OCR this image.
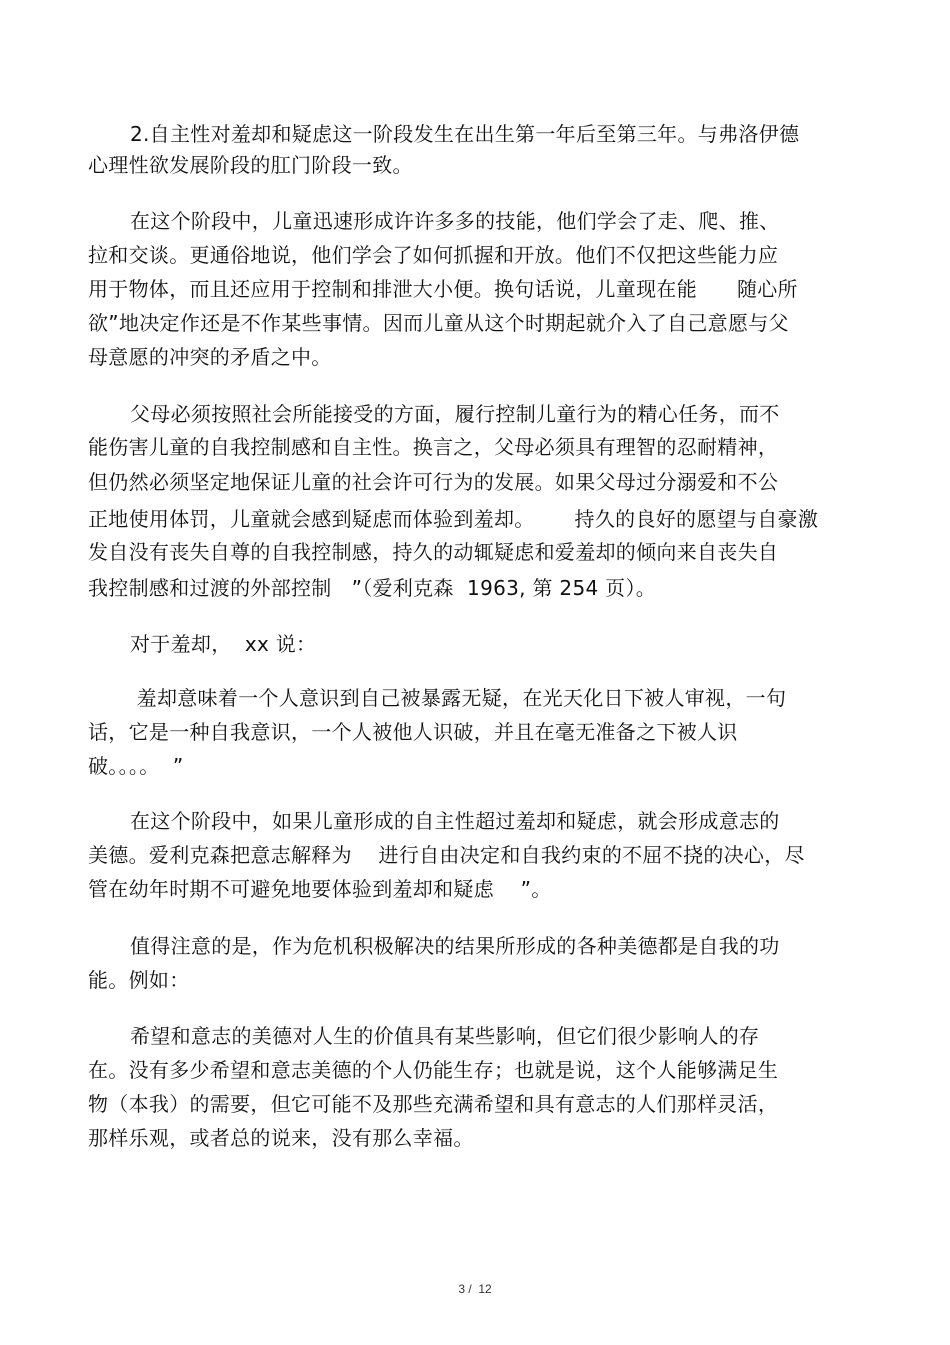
2.自主性对羞却和疑虑这一阶段发生在出生第一年后至第三年。与弗洛伊德
心理性欲发展阶段的肛门阶段一致。
在这个阶段中，儿童迅速形成许许多多的技能，他们学会了走、爬、推、
拉和交谈。更通俗地说，他们学会了如何抓握和开放。他们不仅把这些能力应
用于物体，而且还应用于控制和排泄大小便。换句话说，儿童现在能      随心所
欲”地决定作还是不作某些事情。因而儿童从这个时期起就介入了自己意愿与父
母意愿的冲突的矛盾之中。
父母必须按照社会所能接受的方面，履行控制儿童行为的精心任务，而不
能伤害儿童的自我控制感和自主性。换言之，父母必须具有理智的忍耐精神，
但仍然必须坚定地保证儿童的社会许可行为的发展。如果父母过分溺爱和不公
正地使用体罚，儿童就会感到疑虑而体验到羞却。      持久的良好的愿望与自豪激
发自没有丧失自尊的自我控制感，持久的动辄疑虑和爱羞却的倾向来自丧失自
我控制感和过渡的外部控制   ”（爱利克森  1963, 第 254 页）。
对于羞却，  xx 说：
羞却意味着一个人意识到自己被暴露无疑，在光天化日下被人审视，一句
话，它是一种自我意识，一个人被他人识破，并且在毫无准备之下被人识
破。。。。  ”
在这个阶段中，如果儿童形成的自主性超过羞却和疑虑，就会形成意志的
美德。爱利克森把意志解释为    进行自由决定和自我约束的不屈不挠的决心，尽
管在幼年时期不可避免地要体验到羞却和疑虑    ”。
值得注意的是，作为危机积极解决的结果所形成的各种美德都是自我的功
能。例如：
希望和意志的美德对人生的价值具有某些影响，但它们很少影响人的存
在。没有多少希望和意志美德的个人仍能生存；也就是说，这个人能够满足生
物（本我）的需要，但它可能不及那些充满希望和具有意志的人们那样灵活，
那样乐观，或者总的说来，没有那么幸福。
3 /  12
